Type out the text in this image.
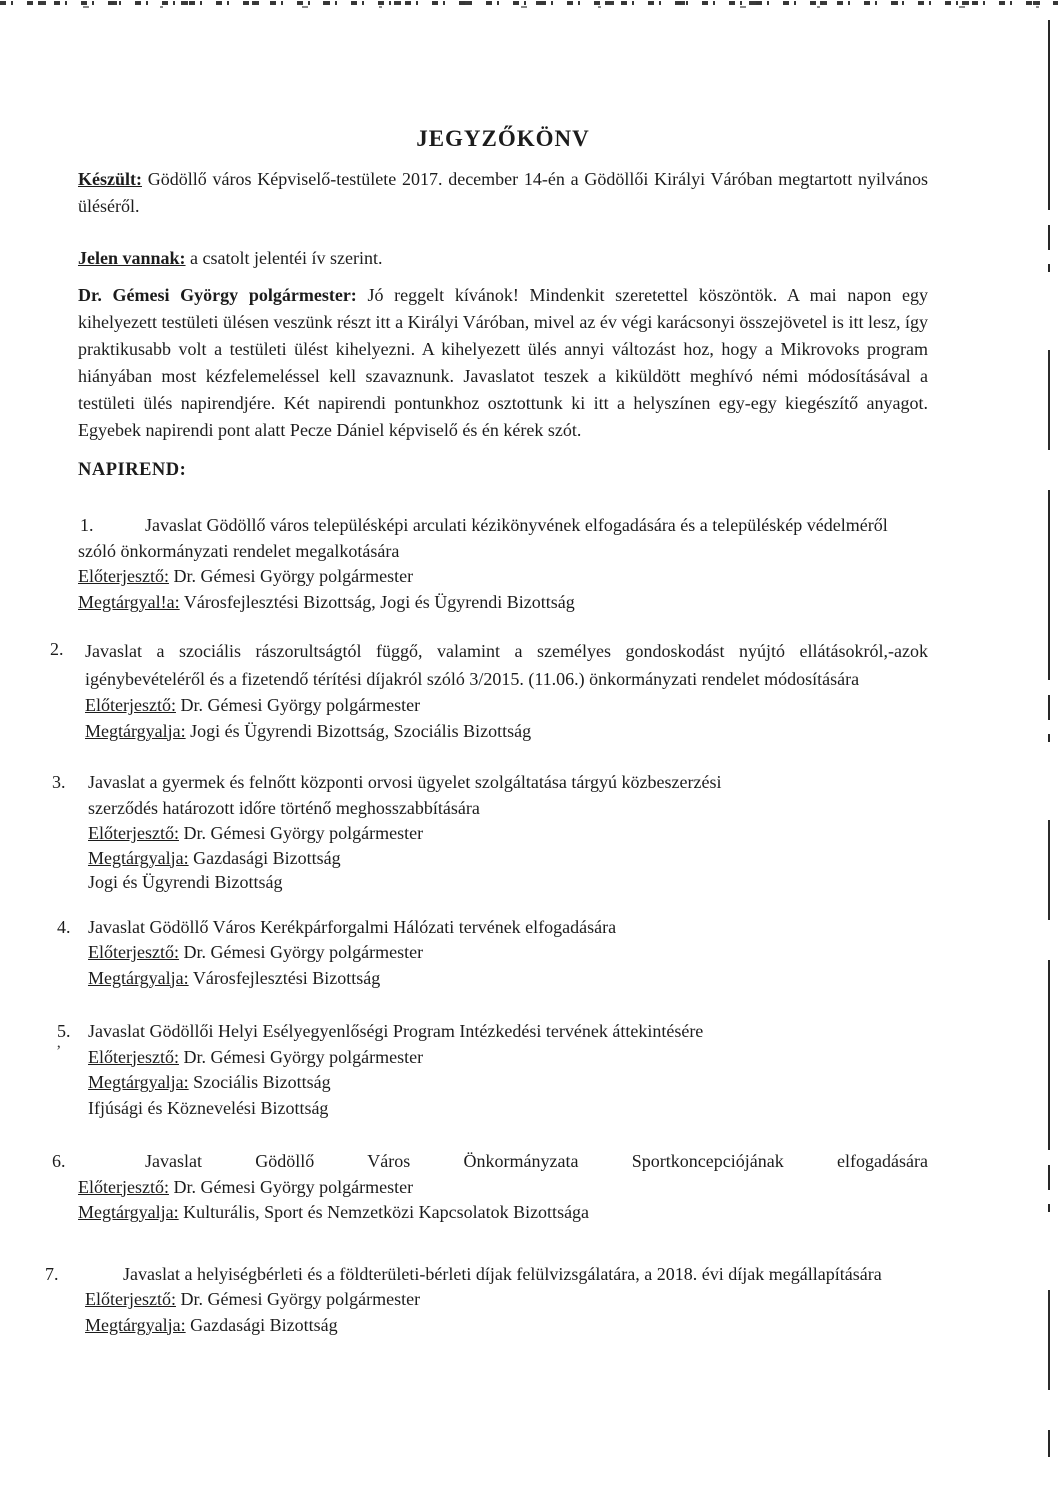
’
JEGYZŐKÖNV

Készült: Gödöllő város Képviselő-testülete 2017. december 14-én a Gödöllői Királyi Váróban megtartott nyilvános üléséről.

Jelen vannak: a csatolt jelentéi ív szerint.

Dr. Gémesi György polgármester: Jó reggelt kívánok! Mindenkit szeretettel köszöntök. A mai napon egy kihelyezett testületi ülésen veszünk részt itt a Királyi Váróban, mivel az év végi karácsonyi összejövetel is itt lesz, így praktikusabb volt a testületi ülést kihelyezni. A kihelyezett ülés annyi változást hoz, hogy a Mikrovoks program hiányában most kézfelemeléssel kell szavaznunk. Javaslatot teszek a kiküldött meghívó némi módosításával a testületi ülés napirendjére. Két napirendi pontunkhoz osztottunk ki itt a helyszínen egy-egy kiegészítő anyagot. Egyebek napirendi pont alatt Pecze Dániel képviselő és én kérek szót.

NAPIREND:
1.	Javaslat Gödöllő város településképi arculati kézikönyvének elfogadására és a településkép védelméről szóló önkormányzati rendelet megalkotására

Előterjesztő: Dr. Gémesi György polgármester

Megtárgyal!a: Városfejlesztési Bizottság, Jogi és Ügyrendi Bizottság

2. Javaslat a szociális rászorultságtól függő, valamint a személyes gondoskodást nyújtó ellátásokról,-azok igénybevételéről és a fizetendő térítési díjakról szóló 3/2015. (11.06.) önkormányzati rendelet módosítására

Előterjesztő: Dr. Gémesi György polgármester

Megtárgyalja: Jogi és Ügyrendi Bizottság, Szociális Bizottság

3. Javaslat a gyermek és felnőtt központi orvosi ügyelet szolgáltatása tárgyú közbeszerzési szerződés határozott időre történő meghosszabbítására

Előterjesztő: Dr. Gémesi György polgármester

Megtárgyalja: Gazdasági Bizottság

Jogi és Ügyrendi Bizottság

4. Javaslat Gödöllő Város Kerékpárforgalmi Hálózati tervének elfogadására

Előterjesztő: Dr. Gémesi György polgármester

Megtárgyalja: Városfejlesztési Bizottság

5. Javaslat Gödöllői Helyi Esélyegyenlőségi Program Intézkedési tervének áttekintésére

Előterjesztő: Dr. Gémesi György polgármester

Megtárgyalja: Szociális Bizottság

Ifjúsági és Köznevelési Bizottság

6.	Javaslat Gödöllő Város Önkormányzata Sportkoncepciójának elfogadására

Előterjesztő: Dr. Gémesi György polgármester

Megtárgyalja: Kulturális, Sport és Nemzetközi Kapcsolatok Bizottsága

7.	Javaslat a helyiségbérleti és a földterületi-bérleti díjak felülvizsgálatára, a 2018. évi díjak megállapítására

Előterjesztő: Dr. Gémesi György polgármester

Megtárgyalja: Gazdasági Bizottság
